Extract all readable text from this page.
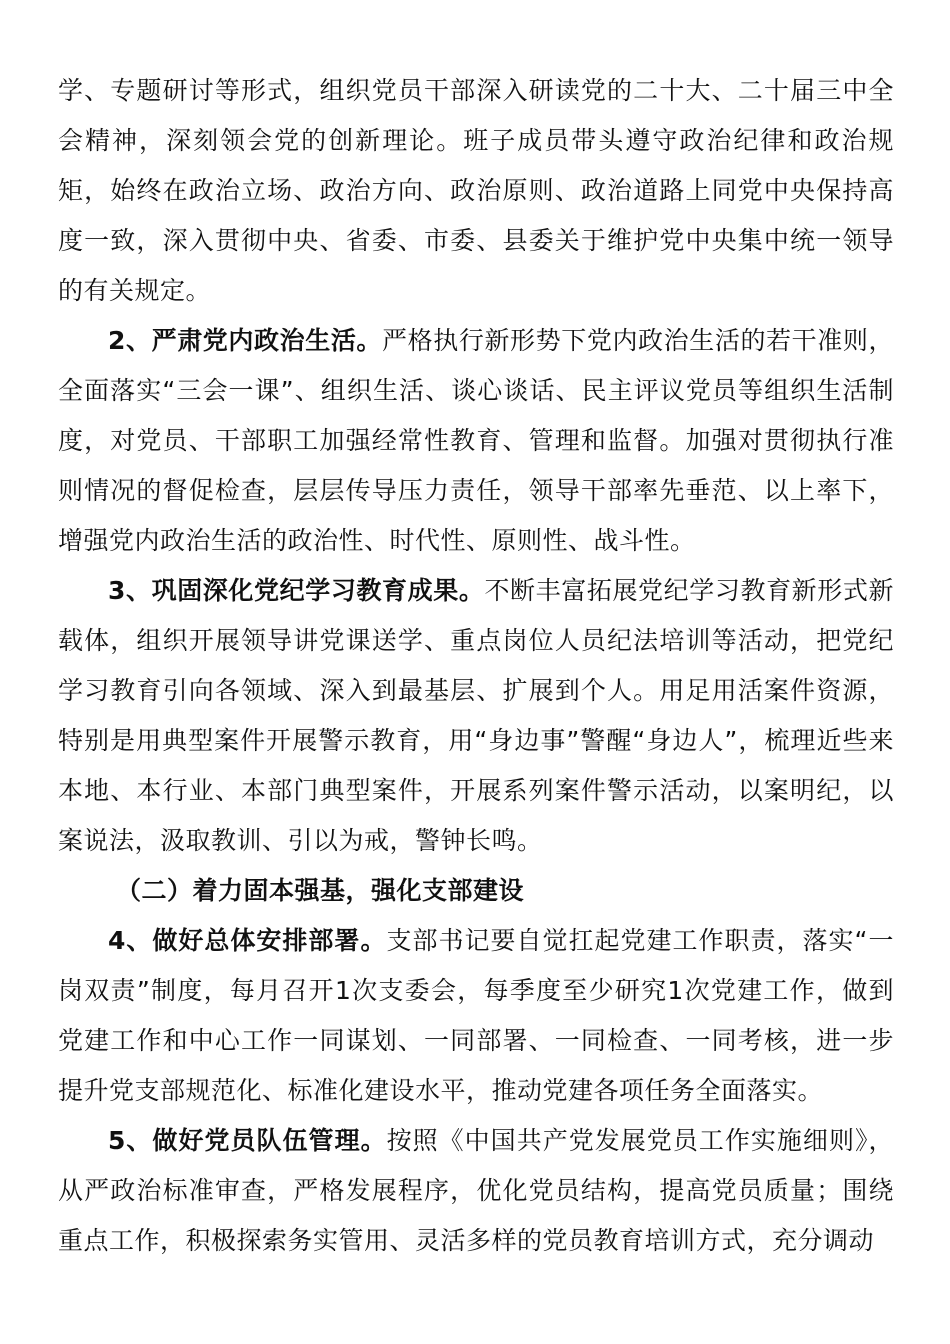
学、专题研讨等形式，组织党员干部深入研读党的二十大、二十届三中全会精神，深刻领会党的创新理论。班子成员带头遵守政治纪律和政治规矩，始终在政治立场、政治方向、政治原则、政治道路上同党中央保持高度一致，深入贯彻中央、省委、市委、县委关于维护党中央集中统一领导的有关规定。

2、严肃党内政治生活。严格执行新形势下党内政治生活的若干准则，全面落实“三会一课”、组织生活、谈心谈话、民主评议党员等组织生活制度，对党员、干部职工加强经常性教育、管理和监督。加强对贯彻执行准则情况的督促检查，层层传导压力责任，领导干部率先垂范、以上率下，增强党内政治生活的政治性、时代性、原则性、战斗性。

3、巩固深化党纪学习教育成果。不断丰富拓展党纪学习教育新形式新载体，组织开展领导讲党课送学、重点岗位人员纪法培训等活动，把党纪学习教育引向各领域、深入到最基层、扩展到个人。用足用活案件资源，特别是用典型案件开展警示教育，用“身边事”警醒“身边人”，梳理近些来本地、本行业、本部门典型案件，开展系列案件警示活动，以案明纪，以案说法，汲取教训、引以为戒，警钟长鸣。

（二）着力固本强基，强化支部建设

4、做好总体安排部署。支部书记要自觉扛起党建工作职责，落实“一岗双责”制度，每月召开1次支委会，每季度至少研究1次党建工作，做到党建工作和中心工作一同谋划、一同部署、一同检查、一同考核，进一步提升党支部规范化、标准化建设水平，推动党建各项任务全面落实。

5、做好党员队伍管理。按照《中国共产党发展党员工作实施细则》，从严政治标准审查，严格发展程序，优化党员结构，提高党员质量；围绕重点工作，积极探索务实管用、灵活多样的党员教育培训方式，充分调动
